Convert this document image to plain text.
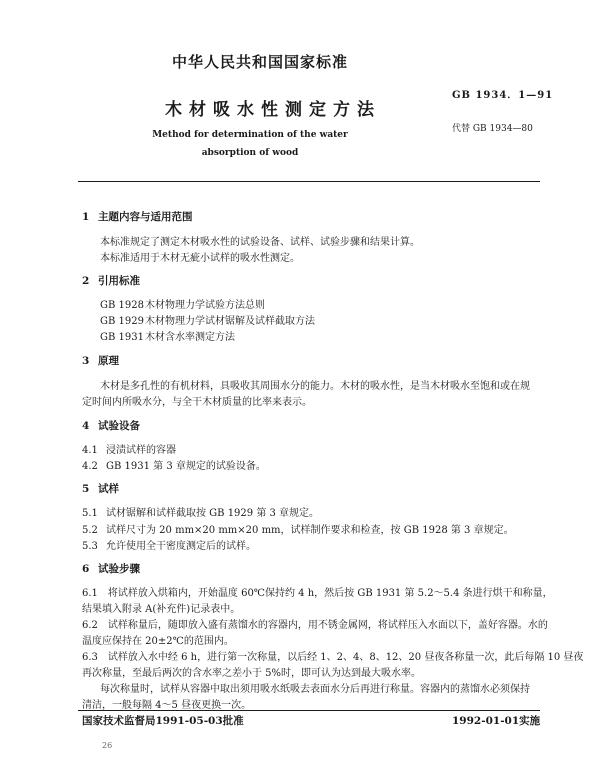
中华人民共和国国家标准
GB 1934．1—91
木材吸水性测定方法
代替 GB 1934—80
Method for determination of the water
absorption of wood
1 主题内容与适用范围
本标准规定了测定木材吸水性的试验设备、试样、试验步骤和结果计算。
本标准适用于木材无疵小试样的吸水性测定。
2 引用标准
GB 1928木材物理力学试验方法总则
GB 1929木材物理力学试材锯解及试样截取方法
GB 1931木材含水率测定方法
3 原理
木材是多孔性的有机材料，具吸收其周围水分的能力。木材的吸水性，是当木材吸水至饱和或在规
定时间内所吸水分，与全干木材质量的比率来表示。
4 试验设备
4.1 浸渍试样的容器
4.2 GB 1931 第 3 章规定的试验设备。
5 试样
5.1 试材锯解和试样截取按 GB 1929 第 3 章规定。
5.2 试样尺寸为 20 mm×20 mm×20 mm，试样制作要求和检查，按 GB 1928 第 3 章规定。
5.3 允许使用全干密度测定后的试样。
6 试验步骤
6.1　将试样放入烘箱内，开始温度 60℃保持约 4 h，然后按 GB 1931 第 5.2～5.4 条进行烘干和称量，
结果填入附录 A(补充件)记录表中。
6.2　试样称量后，随即放入盛有蒸馏水的容器内，用不锈金属网，将试样压入水面以下，盖好容器。水的
温度应保持在 20±2℃的范围内。
6.3　试样放入水中经 6 h，进行第一次称量，以后经 1、2、4、8、12、20 昼夜各称量一次，此后每隔 10 昼夜
再次称量，至最后两次的含水率之差小于 5%时，即可认为达到最大吸水率。
每次称量时，试样从容器中取出须用吸水纸吸去表面水分后再进行称量。容器内的蒸馏水必须保持
清洁，一般每隔 4～5 昼夜更换一次。
国家技术监督局1991-05-03批准	1992-01-01实施
26
